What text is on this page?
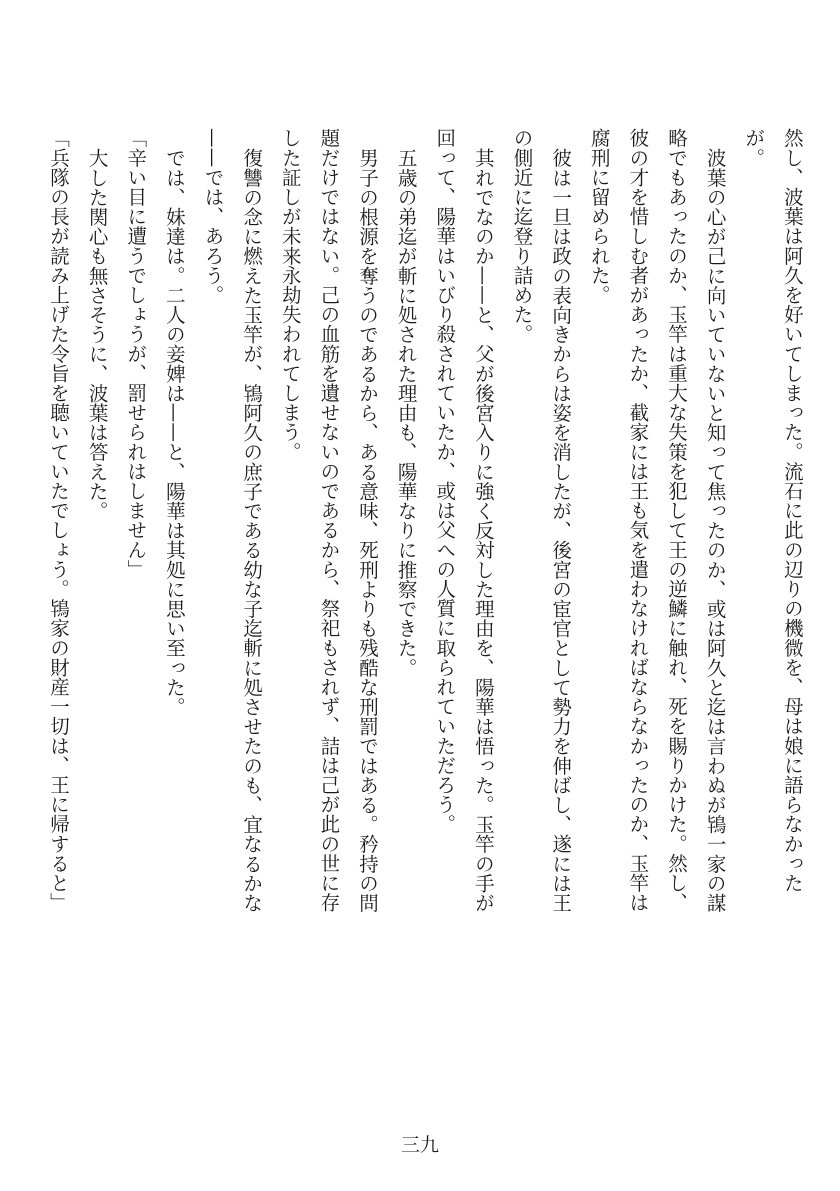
然し、波葉は阿久を好いてしまった。流石に此の辺りの機微を、母は娘に語らなかった
が。
波葉の心が己に向いていないと知って焦ったのか、或は阿久と迄は言わぬが鴇一家の謀
略でもあったのか、玉竿は重大な失策を犯して王の逆鱗に触れ、死を賜りかけた。然し、
彼の才を惜しむ者があったか、截家には王も気を遣わなければならなかったのか、玉竿は
腐刑に留められた。
彼は一旦は政の表向きからは姿を消したが、後宮の宦官として勢力を伸ばし、遂には王
の側近に迄登り詰めた。
其れでなのか——と、父が後宮入りに強く反対した理由を、陽華は悟った。玉竿の手が
回って、陽華はいびり殺されていたか、或は父への人質に取られていただろう。
五歳の弟迄が斬に処された理由も、陽華なりに推察できた。
男子の根源を奪うのであるから、ある意味、死刑よりも残酷な刑罰ではある。矜持の問
題だけではない。己の血筋を遺せないのであるから、祭祀もされず、詰は己が此の世に存
した証しが未来永劫失われてしまう。
復讐の念に燃えた玉竿が、鴇阿久の庶子である幼な子迄斬に処させたのも、宜なるかな
——では、あろう。
では、妹達は。二人の妾婢は——と、陽華は其処に思い至った。
「辛い目に遭うでしょうが、罰せられはしません」
大した関心も無さそうに、波葉は答えた。
「兵隊の長が読み上げた令旨を聴いていたでしょう。鴇家の財産一切は、王に帰すると」
三九
